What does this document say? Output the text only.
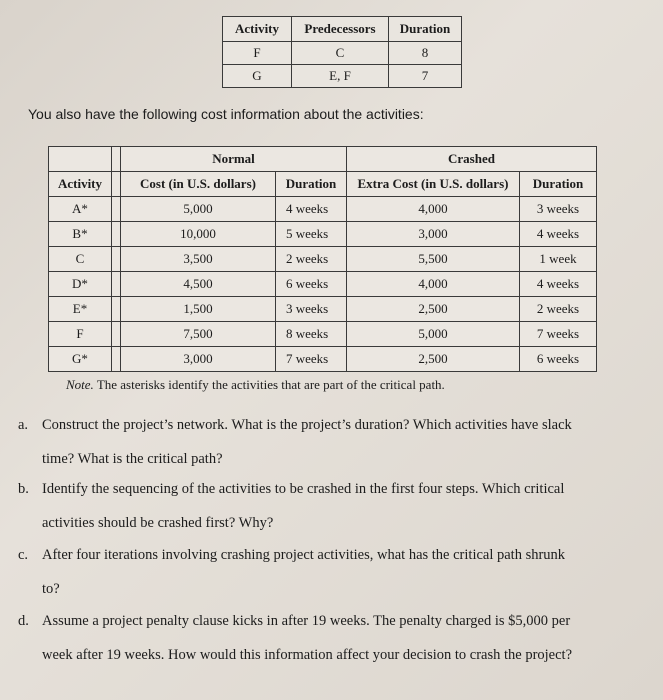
Activity	Predecessors	Duration
F	C	8
G	E, F	7

You also have the following cost information about the activities:

		Normal		Crashed	
Activity		Cost (in U.S. dollars)	Duration	Extra Cost (in U.S. dollars)	Duration
A*		5,000	4 weeks	4,000	3 weeks
B*		10,000	5 weeks	3,000	4 weeks
C		3,500	2 weeks	5,500	1 week
D*		4,500	6 weeks	4,000	4 weeks
E*		1,500	3 weeks	2,500	2 weeks
F		7,500	8 weeks	5,000	7 weeks
G*		3,000	7 weeks	2,500	6 weeks

Note. The asterisks identify the activities that are part of the critical path.

a. Construct the project’s network. What is the project’s duration? Which activities have slack
time? What is the critical path?

b. Identify the sequencing of the activities to be crashed in the first four steps. Which critical
activities should be crashed first? Why?

c. After four iterations involving crashing project activities, what has the critical path shrunk
to?

d. Assume a project penalty clause kicks in after 19 weeks. The penalty charged is $5,000 per
week after 19 weeks. How would this information affect your decision to crash the project?
